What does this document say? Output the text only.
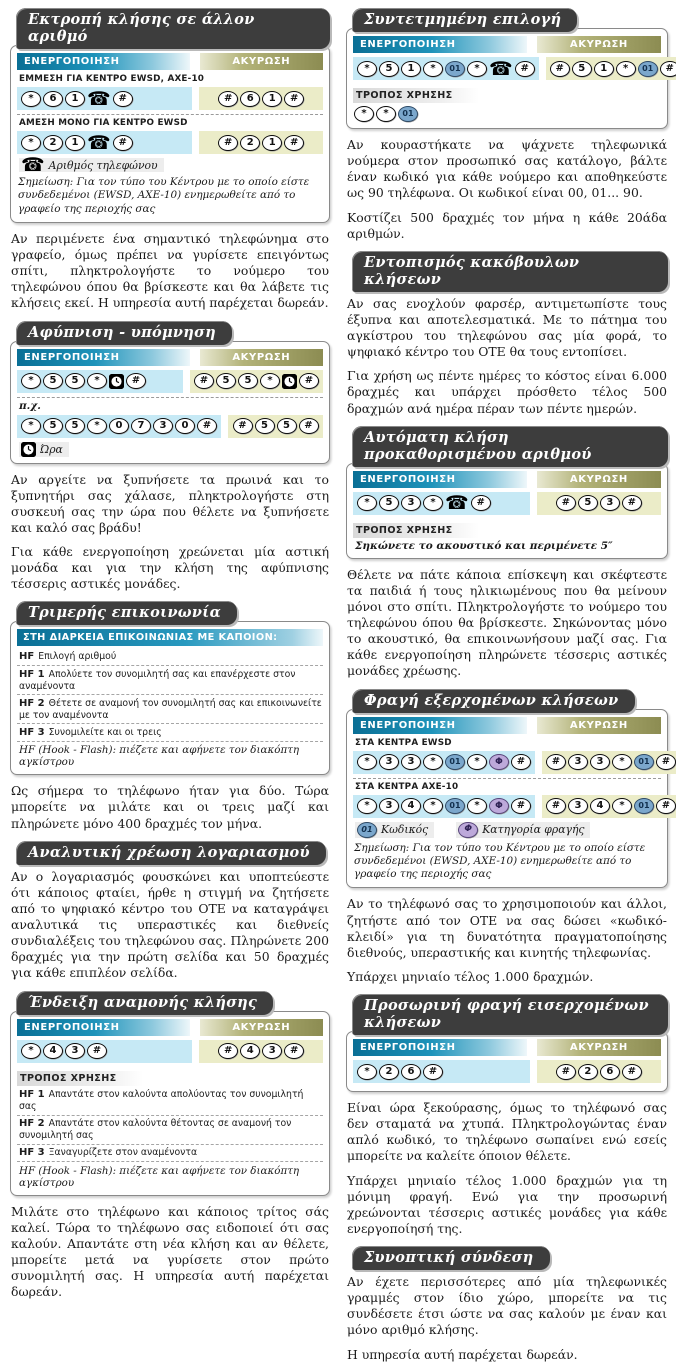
Εκτροπή κλήσης σε άλλον αριθμό
ΕΝΕΡΓΟΠΟΙΗΣΗ	ΑΚΥΡΩΣΗ
ΕΜΜΕΣΗ ΓΙΑ ΚΕΝΤΡΟ EWSD, AXE-10
*	6	1 ☎ #	#	6	1	#
ΑΜΕΣΗ ΜΟΝΟ ΓΙΑ ΚΕΝΤΡΟ EWSD
*	2	1 ☎ #	#	2	1	#
☎ Αριθμός τηλεφώνου
Σημείωση: Για τον τύπο του Κέντρου με το οποίο είστε συνδεδεμένοι (EWSD, AXE-10) ενημερωθείτε από το γραφείο της περιοχής σας
Αν περιμένετε ένα σημαντικό τηλεφώνημα στο γραφείο, όμως πρέπει να γυρίσετε επειγόντως σπίτι, πληκτρολογήστε το νούμερο του τηλεφώνου όπου θα βρίσκεστε και θα λάβετε τις κλήσεις εκεί. Η υπηρεσία αυτή παρέχεται δωρεάν.
Αφύπνιση - υπόμνηση
ΕΝΕΡΓΟΠΟΙΗΣΗ	ΑΚΥΡΩΣΗ
*	5	5	*	#	#	5	5	*	#
π.χ.
*	5	5	*	0	7	3	0	#	#	5	5	#
Ώρα
Αν αργείτε να ξυπνήσετε τα πρωινά και το ξυπνητήρι σας χάλασε, πληκτρολογήστε στη συσκευή σας την ώρα που θέλετε να ξυπνήσετε και καλό σας βράδυ!
Για κάθε ενεργοποίηση χρεώνεται μία αστική μονάδα και για την κλήση της αφύπνισης τέσσερις αστικές μονάδες.
Τριμερής επικοινωνία
ΣΤΗ ΔΙΑΡΚΕΙΑ ΕΠΙΚΟΙΝΩΝΙΑΣ ΜΕ ΚΑΠΟΙΟΝ:
HF Επιλογή αριθμού
HF 1 Απολύετε τον συνομιλητή σας και επανέρχεστε στον αναμένοντα
HF 2 Θέτετε σε αναμονή τον συνομιλητή σας και επικοινωνείτε με τον αναμένοντα
HF 3 Συνομιλείτε και οι τρεις
HF (Hook - Flash): πιέζετε και αφήνετε τον διακόπτη αγκίστρου
Ως σήμερα το τηλέφωνο ήταν για δύο. Τώρα μπορείτε να μιλάτε και οι τρεις μαζί και πληρώνετε μόνο 400 δραχμές τον μήνα.
Αναλυτική χρέωση λογαριασμού
Αν ο λογαριασμός φουσκώνει και υποπτεύεστε ότι κάποιος φταίει, ήρθε η στιγμή να ζητήσετε από το ψηφιακό κέντρο του ΟΤΕ να καταγράψει αναλυτικά τις υπεραστικές και διεθνείς συνδιαλέξεις του τηλεφώνου σας. Πληρώνετε 200 δραχμές για την πρώτη σελίδα και 50 δραχμές για κάθε επιπλέον σελίδα.
Ένδειξη αναμονής κλήσης
ΕΝΕΡΓΟΠΟΙΗΣΗ	ΑΚΥΡΩΣΗ
*	4	3	#	#	4	3	#
ΤΡΟΠΟΣ ΧΡΗΣΗΣ
HF 1 Απαντάτε στον καλούντα απολύοντας τον συνομιλητή σας
HF 2 Απαντάτε στον καλούντα θέτοντας σε αναμονή τον συνομιλητή σας
HF 3 Ξαναγυρίζετε στον αναμένοντα
HF (Hook - Flash): πιέζετε και αφήνετε τον διακόπτη αγκίστρου
Μιλάτε στο τηλέφωνο και κάποιος τρίτος σάς καλεί. Τώρα το τηλέφωνο σας ειδοποιεί ότι σας καλούν. Απαντάτε στη νέα κλήση και αν θέλετε, μπορείτε μετά να γυρίσετε στον πρώτο συνομιλητή σας. Η υπηρεσία αυτή παρέχεται δωρεάν.
Συντετμημένη επιλογή
ΕΝΕΡΓΟΠΟΙΗΣΗ	ΑΚΥΡΩΣΗ
*	5	1	*	01	* ☎ #	#	5	1	*	01	#
ΤΡΟΠΟΣ ΧΡΗΣΗΣ
*	*	01
Αν κουραστήκατε να ψάχνετε τηλεφωνικά νούμερα στον προσωπικό σας κατάλογο, βάλτε έναν κωδικό για κάθε νούμερο και αποθηκεύστε ως 90 τηλέφωνα. Οι κωδικοί είναι 00, 01... 90.
Κοστίζει 500 δραχμές τον μήνα η κάθε 20άδα αριθμών.
Εντοπισμός κακόβουλων κλήσεων
Αν σας ενοχλούν φαρσέρ, αντιμετωπίστε τους έξυπνα και αποτελεσματικά. Με το πάτημα του αγκίστρου του τηλεφώνου σας μία φορά, το ψηφιακό κέντρο του ΟΤΕ θα τους εντοπίσει.
Για χρήση ως πέντε ημέρες το κόστος είναι 6.000 δραχμές και υπάρχει πρόσθετο τέλος 500 δραχμών ανά ημέρα πέραν των πέντε ημερών.
Αυτόματη κλήση προκαθορισμένου αριθμού
ΕΝΕΡΓΟΠΟΙΗΣΗ	ΑΚΥΡΩΣΗ
*	5	3	* ☎ #	#	5	3	#
ΤΡΟΠΟΣ ΧΡΗΣΗΣ
Σηκώνετε το ακουστικό και περιμένετε 5″
Θέλετε να πάτε κάποια επίσκεψη και σκέφτεστε τα παιδιά ή τους ηλικιωμένους που θα μείνουν μόνοι στο σπίτι. Πληκτρολογήστε το νούμερο του τηλεφώνου όπου θα βρίσκεστε. Σηκώνοντας μόνο το ακουστικό, θα επικοινωνήσουν μαζί σας. Για κάθε ενεργοποίηση πληρώνετε τέσσερις αστικές μονάδες χρέωσης.
Φραγή εξερχομένων κλήσεων
ΕΝΕΡΓΟΠΟΙΗΣΗ	ΑΚΥΡΩΣΗ
ΣΤΑ ΚΕΝΤΡΑ EWSD
*	3	3	*	01	*	Φ	#	#	3	3	*	01	#
ΣΤΑ ΚΕΝΤΡΑ AXE-10
*	3	4	*	01	*	Φ	#	#	3	4	*	01	#
01 Κωδικός	Φ Κατηγορία φραγής
Σημείωση: Για τον τύπο του Κέντρου με το οποίο είστε συνδεδεμένοι (EWSD, AXE-10) ενημερωθείτε από το γραφείο της περιοχής σας
Αν το τηλέφωνό σας το χρησιμοποιούν και άλλοι, ζητήστε από τον ΟΤΕ να σας δώσει «κωδικό-κλειδί» για τη δυνατότητα πραγματοποίησης διεθνούς, υπεραστικής και κινητής τηλεφωνίας.
Υπάρχει μηνιαίο τέλος 1.000 δραχμών.
Προσωρινή φραγή εισερχομένων κλήσεων
ΕΝΕΡΓΟΠΟΙΗΣΗ	ΑΚΥΡΩΣΗ
*	2	6	#	#	2	6	#
Είναι ώρα ξεκούρασης, όμως το τηλέφωνό σας δεν σταματά να χτυπά. Πληκτρολογώντας έναν απλό κωδικό, το τηλέφωνο σωπαίνει ενώ εσείς μπορείτε να καλείτε όποιον θέλετε.
Υπάρχει μηνιαίο τέλος 1.000 δραχμών για τη μόνιμη φραγή. Ενώ για την προσωρινή χρεώνονται τέσσερις αστικές μονάδες για κάθε ενεργοποίησή της.
Συνοπτική σύνδεση
Αν έχετε περισσότερες από μία τηλεφωνικές γραμμές στον ίδιο χώρο, μπορείτε να τις συνδέσετε έτσι ώστε να σας καλούν με έναν και μόνο αριθμό κλήσης.
Η υπηρεσία αυτή παρέχεται δωρεάν.
